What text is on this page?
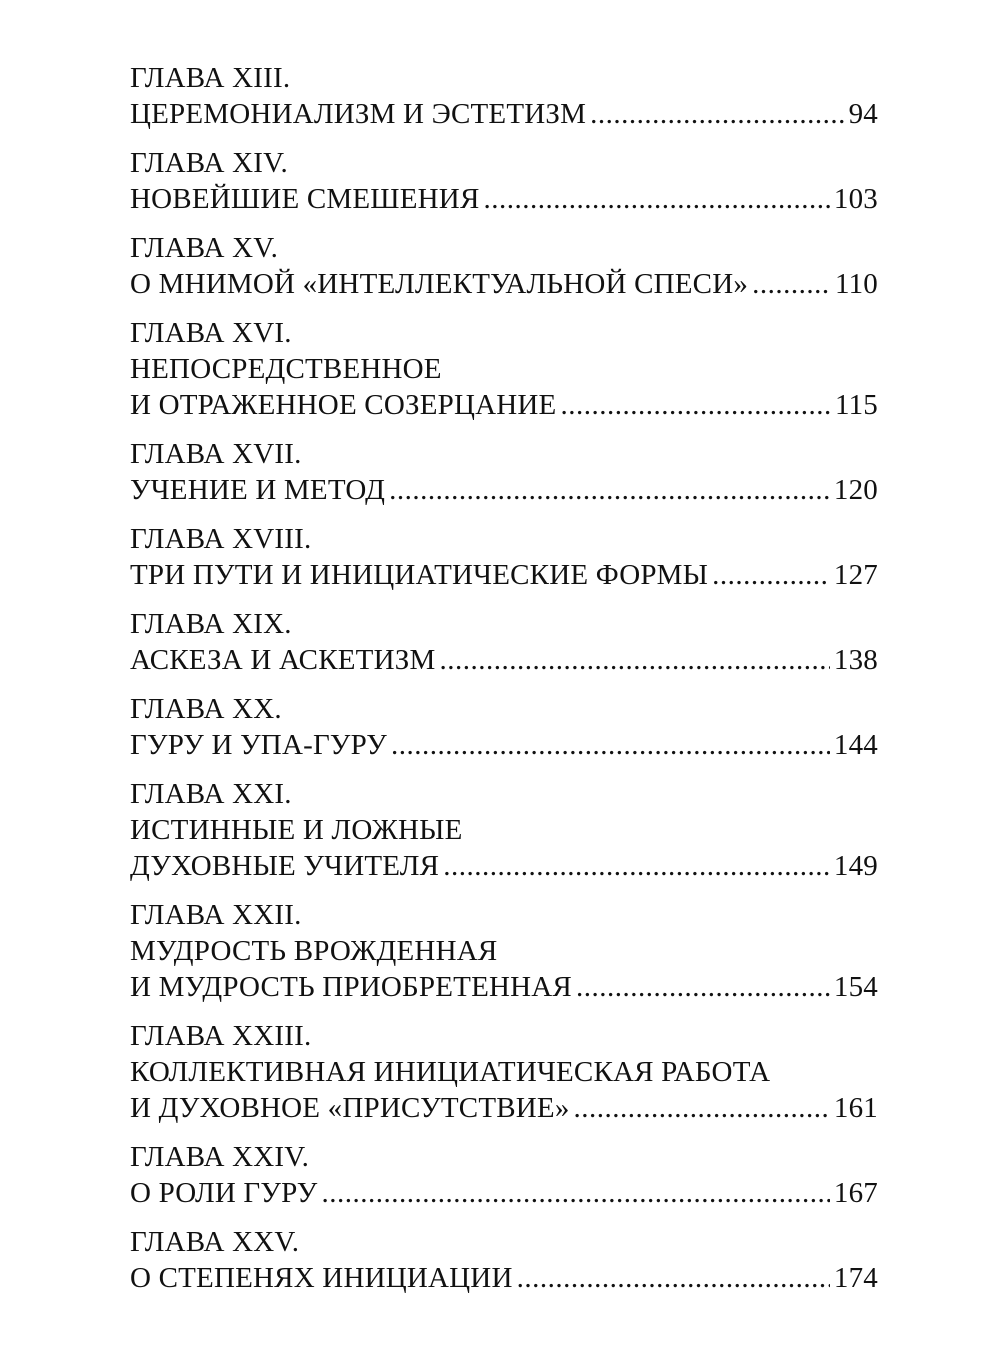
ГЛАВА XIII.
ЦЕРЕМОНИАЛИЗМ И ЭСТЕТИЗМ .....	94
ГЛАВА XIV.
НОВЕЙШИЕ СМЕШЕНИЯ .....	103
ГЛАВА XV.
О МНИМОЙ «ИНТЕЛЛЕКТУАЛЬНОЙ СПЕСИ» .....	110
ГЛАВА XVI.
НЕПОСРЕДСТВЕННОЕ
И ОТРАЖЕННОЕ СОЗЕРЦАНИЕ .....	115
ГЛАВА XVII.
УЧЕНИЕ И МЕТОД .....	120
ГЛАВА XVIII.
ТРИ ПУТИ И ИНИЦИАТИЧЕСКИЕ ФОРМЫ .....	127
ГЛАВА XIX.
АСКЕЗА И АСКЕТИЗМ .....	138
ГЛАВА XX.
ГУРУ И УПА-ГУРУ .....	144
ГЛАВА XXI.
ИСТИННЫЕ И ЛОЖНЫЕ
ДУХОВНЫЕ УЧИТЕЛЯ .....	149
ГЛАВА XXII.
МУДРОСТЬ ВРОЖДЕННАЯ
И МУДРОСТЬ ПРИОБРЕТЕННАЯ .....	154
ГЛАВА XXIII.
КОЛЛЕКТИВНАЯ ИНИЦИАТИЧЕСКАЯ РАБОТА
И ДУХОВНОЕ «ПРИСУТСТВИЕ» .....	161
ГЛАВА XXIV.
О РОЛИ ГУРУ .....	167
ГЛАВА XXV.
О СТЕПЕНЯХ ИНИЦИАЦИИ .....	174
